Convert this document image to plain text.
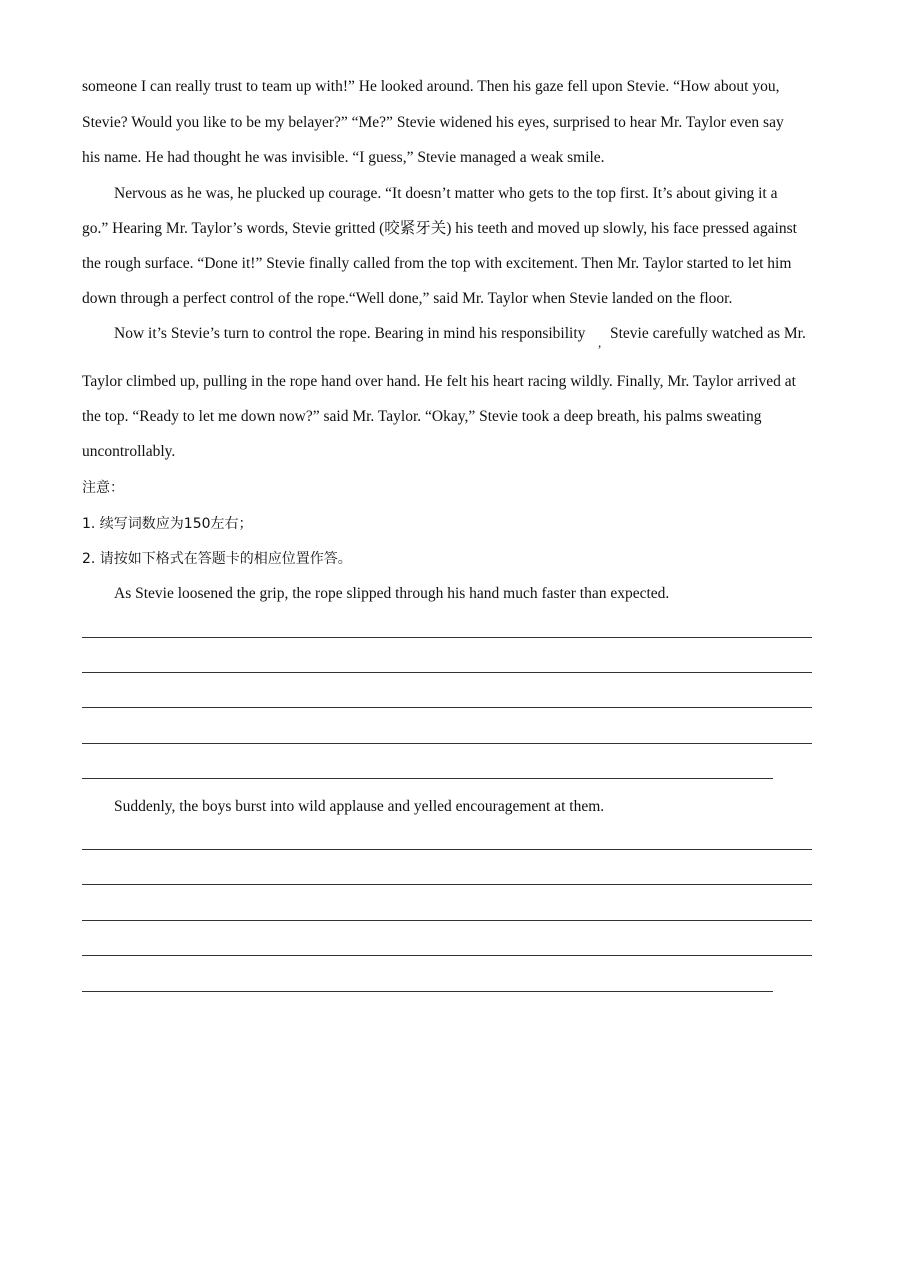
someone I can really trust to team up with!” He looked around. Then his gaze fell upon Stevie. “How about you,
Stevie? Would you like to be my belayer?” “Me?” Stevie widened his eyes, surprised to hear Mr. Taylor even say
his name. He had thought he was invisible. “I guess,” Stevie managed a weak smile.
Nervous as he was, he plucked up courage. “It doesn’t matter who gets to the top first. It’s about giving it a
go.” Hearing Mr. Taylor’s words, Stevie gritted (咬紧牙关) his teeth and moved up slowly, his face pressed against
the rough surface. “Done it!” Stevie finally called from the top with excitement. Then Mr. Taylor started to let him
down through a perfect control of the rope.“Well done,” said Mr. Taylor when Stevie landed on the floor.
Now it’s Stevie’s turn to control the rope. Bearing in mind his responsibility
,
Stevie carefully watched as Mr.
Taylor climbed up, pulling in the rope hand over hand. He felt his heart racing wildly. Finally, Mr. Taylor arrived at
the top. “Ready to let me down now?” said Mr. Taylor. “Okay,” Stevie took a deep breath, his palms sweating
uncontrollably.
注意：
1. 续写词数应为150左右；
2. 请按如下格式在答题卡的相应位置作答。
As Stevie loosened the grip, the rope slipped through his hand much faster than expected.
Suddenly, the boys burst into wild applause and yelled encouragement at them.
